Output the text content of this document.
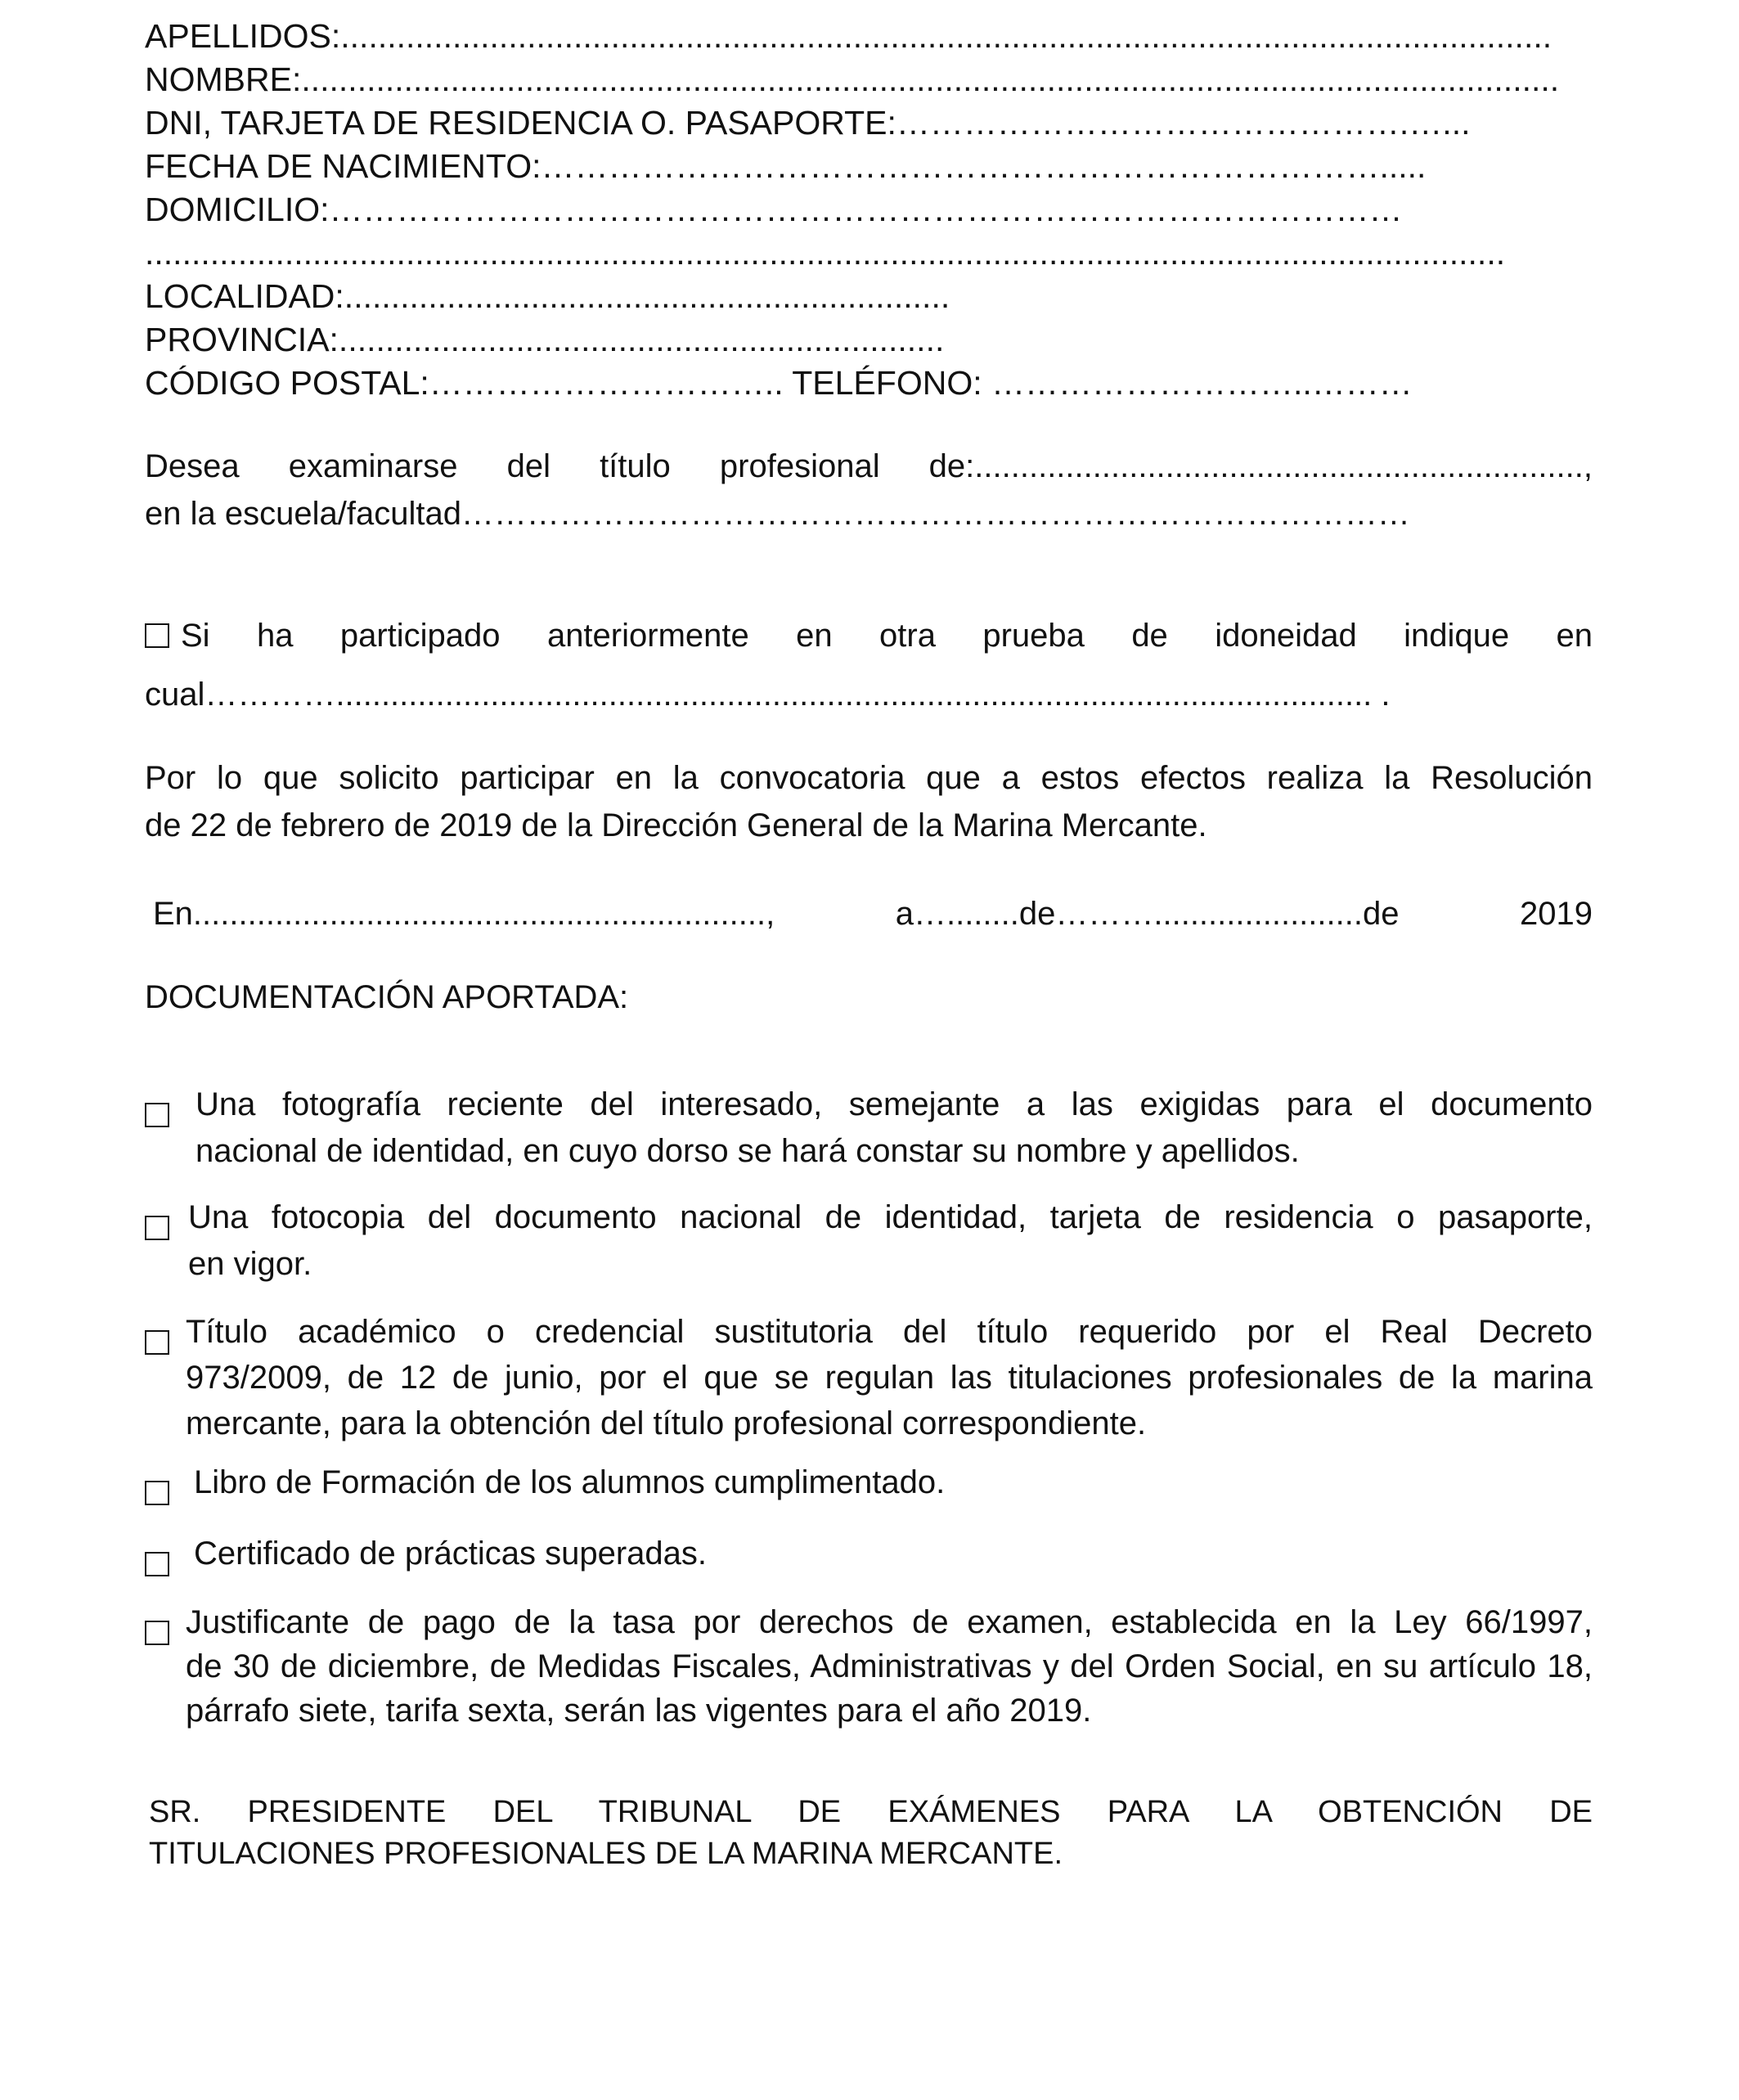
APELLIDOS:..................................................................................................................................
NOMBRE:.......................................................................................................................................
DNI, TARJETA DE RESIDENCIA O. PASAPORTE:……………………………………….…...
FECHA DE NACIMIENTO:………………………………………………………………….....
DOMICILIO:……………………………………………………………………………………
..................................................................................................................................................
LOCALIDAD:.................................................................
PROVINCIA:.................................................................
CÓDIGO POSTAL:………………………….. TELÉFONO: ………………………..………
Desea examinarse del título profesional de:...................................................................,
en la escuela/facultad……………………………………………………………………………
Si ha participado anteriormente en otra prueba de idoneidad indique en
cual………….................................................................................................................. .
Por lo que solicito participar en la convocatoria que a estos efectos realiza la Resolución
de 22 de febrero de 2019 de la Dirección General de la Marina Mercante.
En..............................................................., a…........de……….......................de 2019
DOCUMENTACIÓN APORTADA:
Una fotografía reciente del interesado, semejante a las exigidas para el documento
nacional de identidad, en cuyo dorso se hará constar su nombre y apellidos.
Una fotocopia del documento nacional de identidad, tarjeta de residencia o pasaporte,
en vigor.
Título académico o credencial sustitutoria del título requerido por el Real Decreto
973/2009, de 12 de junio, por el que se regulan las titulaciones profesionales de la marina mercante, para la obtención del título profesional correspondiente.
Libro de Formación de los alumnos cumplimentado.
Certificado de prácticas superadas.
Justificante de pago de la tasa por derechos de examen, establecida en la Ley 66/1997,
de 30 de diciembre, de Medidas Fiscales, Administrativas y del Orden Social, en su artículo 18, párrafo siete, tarifa sexta, serán las vigentes para el año 2019.
SR. PRESIDENTE DEL TRIBUNAL DE EXÁMENES PARA LA OBTENCIÓN DE
TITULACIONES PROFESIONALES DE LA MARINA MERCANTE.
